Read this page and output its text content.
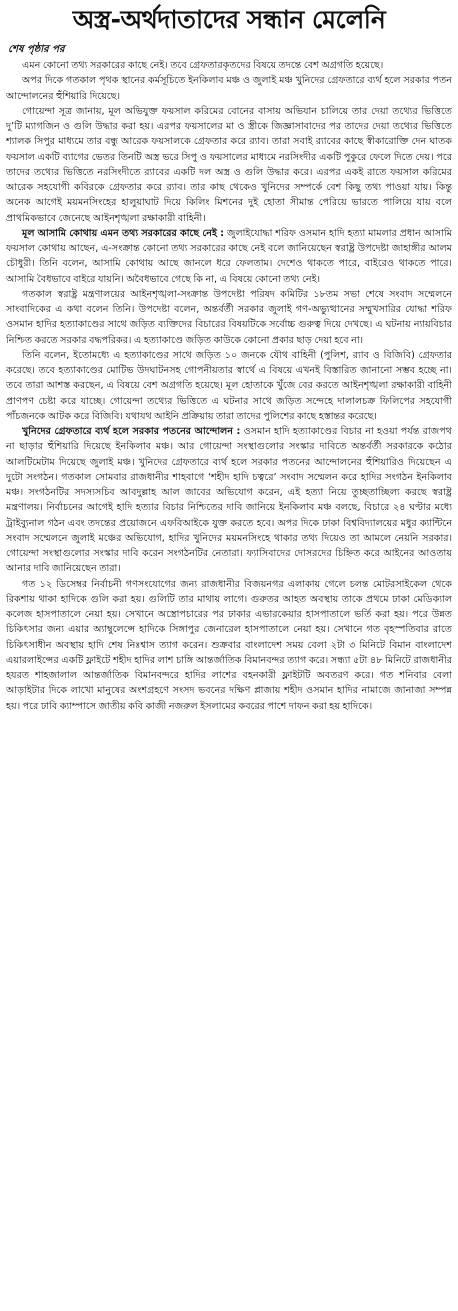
অস্ত্র-অর্থদাতাদের সন্ধান মেলেনি
শেষ পৃষ্ঠার পর

এমন কোনো তথ্য সরকারের কাছে নেই। তবে গ্রেফতারকৃতদের বিষয়ে তদন্তে বেশ অগ্রগতি হয়েছে।

অপর দিকে গতকাল পৃথক স্থানের কর্মসূচিতে ইনকিলাব মঞ্চ ও জুলাই মঞ্চ খুনিদের গ্রেফতারে ব্যর্থ হলে সরকার পতন আন্দোলনের হুঁশিয়ারি দিয়েছে।

গোয়েন্দা সূত্র জানায়, মূল অভিযুক্ত ফয়সাল করিমের বোনের বাসায় অভিযান চালিয়ে তার দেয়া তথ্যের ভিত্তিতে দু’টি ম্যাগজিন ও গুলি উদ্ধার করা হয়। এরপর ফয়সালের মা ও স্ত্রীকে জিজ্ঞাসাবাদের পর তাদের দেয়া তথ্যের ভিত্তিতে শ্যালক সিপুর মাধ্যমে তার বন্ধু আরেক ফয়সালকে গ্রেফতার করে র‍্যাব। তারা সবাই র‍্যাবের কাছে স্বীকারোক্তি দেন ঘাতক ফয়সাল একটি ব্যাগের ভেতর তিনটি অস্ত্র ভরে সিপু ও ফয়সালের মাধ্যমে নরসিংদীর একটি পুকুরে ফেলে দিতে দেয়। পরে তাদের তথ্যের ভিত্তিতে নরসিংদীতে র‍্যাবের একটি দল অস্ত্র ও গুলি উদ্ধার করে। এরপর একই রাতে ফয়সাল করিমের আরেক সহযোগী কবিরকে গ্রেফতার করে র‍্যাব। তার কাছ থেকেও খুনিদের সম্পর্কে বেশ কিছু তথ্য পাওয়া যায়। কিন্তু অনেক আগেই ময়মনসিংহের হালুয়াঘাট দিয়ে কিলিং মিশনের দুই হোতা সীমান্ত পেরিয়ে ভারতে পালিয়ে যায় বলে প্রাথমিকভাবে জেনেছে আইনশৃঙ্খলা রক্ষাকারী বাহিনী।

মূল আসামি কোথায় এমন তথ্য সরকারের কাছে নেই : জুলাইযোদ্ধা শরিফ ওসমান হাদি হত্যা মামলার প্রধান আসামি ফয়সাল কোথায় আছেন, এ-সংক্রান্ত কোনো তথ্য সরকারের কাছে নেই বলে জানিয়েছেন স্বরাষ্ট্র উপদেষ্টা জাহাঙ্গীর আলম চৌধুরী। তিনি বলেন, আসামি কোথায় আছে জানলে ধরে ফেলতাম। দেশেও থাকতে পারে, বাইরেও থাকতে পারে। আসামি বৈধভাবে বাইরে যায়নি। অবৈধভাবে গেছে কি না, এ বিষয়ে কোনো তথ্য নেই।

গতকাল স্বরাষ্ট্র মন্ত্রণালয়ের আইনশৃঙ্খলা-সংক্রান্ত উপদেষ্টা পরিষদ কমিটির ১৮তম সভা শেষে সংবাদ সম্মেলনে সাংবাদিকের এ কথা বলেন তিনি। উপদেষ্টা বলেন, অন্তর্বর্তী সরকার জুলাই গণ-অভ্যুত্থানের সম্মুখসারির যোদ্ধা শরিফ ওসমান হাদির হত্যাকাণ্ডের সাথে জড়িত ব্যক্তিদের বিচারের বিষয়টিকে সর্বোচ্চ গুরুত্ব দিয়ে দেখছে। এ ঘটনায় ন্যায়বিচার নিশ্চিত করতে সরকার বদ্ধপরিকর। এ হত্যাকাণ্ডে জড়িত কাউকে কোনো প্রকার ছাড় দেয়া হবে না।

তিনি বলেন, ইতোমধ্যে এ হত্যাকাণ্ডের সাথে জড়িত ১০ জনকে যৌথ বাহিনী (পুলিশ, র‍্যাব ও বিজিবি) গ্রেফতার করেছে। তবে হত্যাকাণ্ডের মোটিভ উদঘাটনসহ গোপনীয়তার স্বার্থে এ বিষয়ে এখনই বিস্তারিত জানানো সম্ভব হচ্ছে না। তবে তারা আশস্ত করছেন, এ বিষয়ে বেশ অগ্রগতি হয়েছে। মূল হোতাকে খুঁজে বের করতে আইনশৃঙ্খলা রক্ষাকারী বাহিনী প্রাণপণ চেষ্টা করে যাচ্ছে। গোয়েন্দা তথ্যের ভিত্তিতে এ ঘটনার সাথে জড়িত সন্দেহে দালালচক্র ফিলিপের সহযোগী পাঁচজনকে আটক করে বিজিবি। যথাযথ আইনি প্রক্রিয়ায় তারা তাদের পুলিশের কাছে হস্তান্তর করেছে।

খুনিদের গ্রেফতারে ব্যর্থ হলে সরকার পতনের আন্দোলন : ওসমান হাদি হত্যাকাণ্ডের বিচার না হওয়া পর্যন্ত রাজপথ না ছাড়ার হুঁশিয়ারি দিয়েছে ইনকিলাব মঞ্চ। আর গোয়েন্দা সংস্থাগুলোর সংস্কার দাবিতে অন্তর্বর্তী সরকারকে কঠোর আলটিমেটাম দিয়েছে জুলাই মঞ্চ। খুনিদের গ্রেফতারে ব্যর্থ হলে সরকার পতনের আন্দোলনের হুঁশিয়ারিও দিয়েছেন এ দুটো সংগঠন। গতকাল সোমবার রাজধানীর শাহবাগে ‘শহীদ হাদি চত্বরে’ সংবাদ সম্মেলন করে হাদির সংগঠন ইনকিলাব মঞ্চ। সংগঠনটির সদস্যসচিব আবদুল্লাহ আল জাবের অভিযোগ করেন, এই হত্যা নিয়ে তুচ্ছতাচ্ছিল্য করছে স্বরাষ্ট্র মন্ত্রণালয়। নির্বাচনের আগেই হাদি হত্যার বিচার নিশ্চিতের দাবি জানিয়ে ইনকিলাব মঞ্চ বলছে, বিচারে ২৪ ঘণ্টার মধ্যে ট্রাইব্যুনাল গঠন এবং তদন্তের প্রয়োজনে এফবিআইকে যুক্ত করতে হবে। অপর দিকে ঢাকা বিশ্ববিদ্যালয়ের মধুর ক্যান্টিনে সংবাদ সম্মেলনে জুলাই মঞ্চের অভিযোগ, হাদির খুনিদের ময়মনসিংহে থাকার তথ্য দিয়েও তা আমলে নেয়নি সরকার। গোয়েন্দা সংস্থাগুলোর সংস্কার দাবি করেন সংগঠনটির নেতারা। ফ্যাসিবাদের দোসরদের চিহ্নিত করে আইনের আওতায় আনার দাবি জানিয়েছেন তারা।

গত ১২ ডিসেম্বর নির্বাচনী গণসংযোগের জন্য রাজধানীর বিজয়নগর এলাকায় গেলে চলন্ত মোটরসাইকেল থেকে রিকশায় থাকা হাদিকে গুলি করা হয়। গুলিটি তার মাথায় লাগে। গুরুতর আহত অবস্থায় তাকে প্রথমে ঢাকা মেডিক্যাল কলেজ হাসপাতালে নেয়া হয়। সেখানে অস্ত্রোপচারের পর ঢাকার এভারকেয়ার হাসপাতালে ভর্তি করা হয়। পরে উন্নত চিকিৎসার জন্য এয়ার অ্যাম্বুলেন্সে হাদিকে সিঙ্গাপুর জেনারেল হাসপাতালে নেয়া হয়। সেখানে গত বৃহস্পতিবার রাতে চিকিৎসাধীন অবস্থায় হাদি শেষ নিঃশ্বাস ত্যাগ করেন। শুক্রবার বাংলাদেশ সময় বেলা ২টা ৩ মিনিটে বিমান বাংলাদেশ এয়ারলাইন্সের একটি ফ্লাইটে শহীদ হাদির লাশ চাঙ্গি আন্তর্জাতিক বিমানবন্দর ত্যাগ করে। সন্ধ্যা ৫টা ৪৮ মিনিটে রাজধানীর হযরত শাহজালাল আন্তর্জাতিক বিমানবন্দরে হাদির লাশের বহনকারী ফ্লাইটটি অবতরণ করে। গত শনিবার বেলা আড়াইটার দিকে লাখো মানুষের অংশগ্রহণে সংসদ ভবনের দক্ষিণ প্লাজায় শহীদ ওসমান হাদির নামাজে জানাজা সম্পন্ন হয়। পরে ঢাবি ক্যাম্পাসে জাতীয় কবি কাজী নজরুল ইসলামের কবরের পাশে দাফন করা হয় হাদিকে।
